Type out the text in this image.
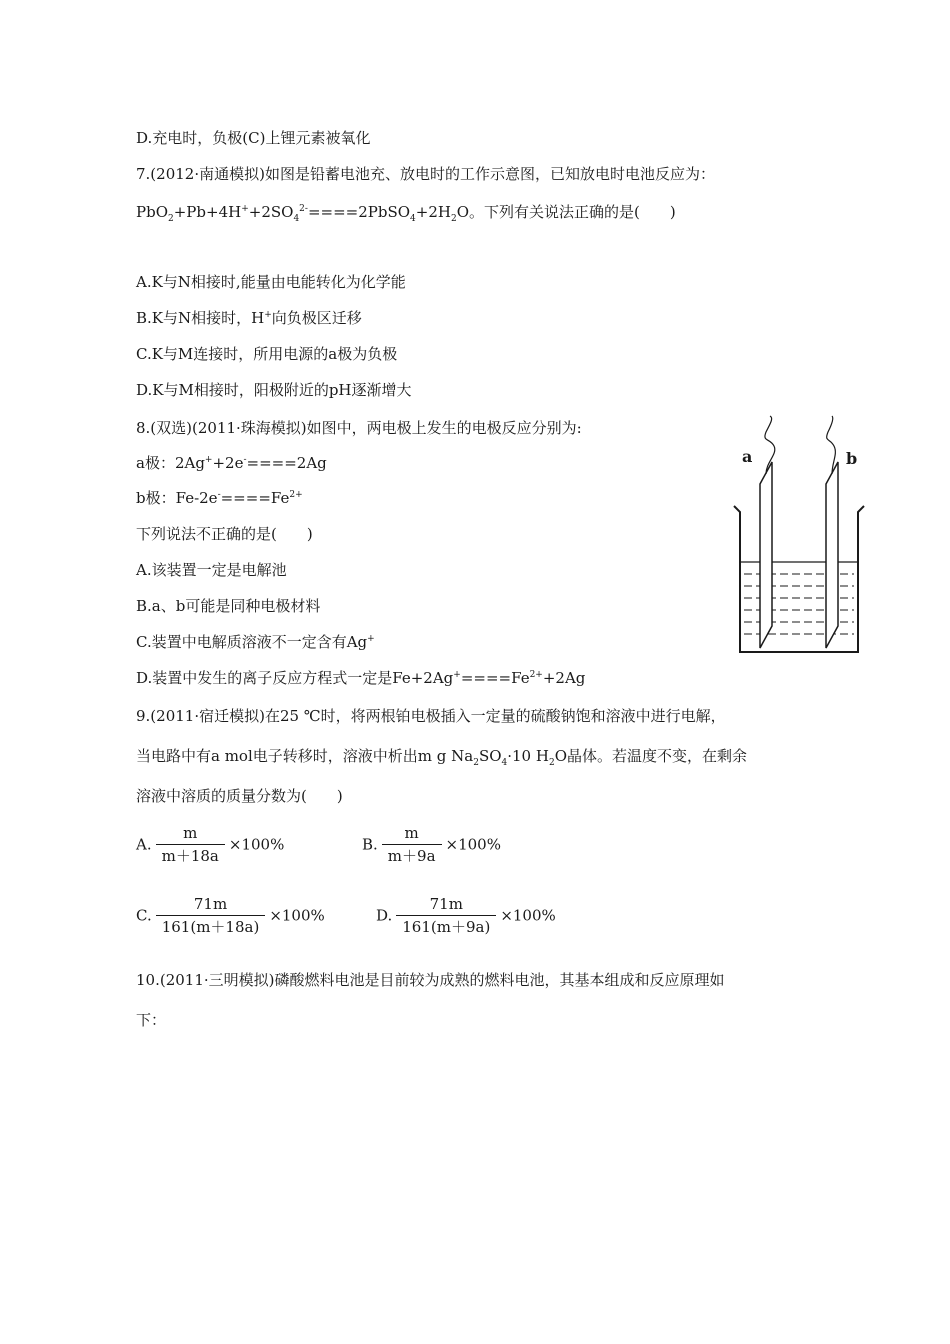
D.充电时，负极(C)上锂元素被氧化
7.(2012·南通模拟)如图是铅蓄电池充、放电时的工作示意图，已知放电时电池反应为：
$PbO_2+Pb+4H^++2SO_4^{2-}====2PbSO_4+2H_2O$。下列有关说法正确的是(　　)
A.K与N相接时,能量由电能转化为化学能
B.K与N相接时，H+向负极区迁移
C.K与M连接时，所用电源的a极为负极
D.K与M相接时，阳极附近的pH逐渐增大
8.(双选)(2011·珠海模拟)如图中，两电极上发生的电极反应分别为:
a极：2Ag++2e-====2Ag
b极：$Fe-2e^-====Fe^{2+}$
下列说法不正确的是(　　)
A.该装置一定是电解池
B.a、b可能是同种电极材料
C.装置中电解质溶液不一定含有Ag+
D.装置中发生的离子反应方程式一定是$Fe+2Ag^+====Fe^{2+}+2Ag$
a	b
9.(2011·宿迁模拟)在25 ℃时，将两根铂电极插入一定量的硫酸钠饱和溶液中进行电解，
当电路中有a mol电子转移时，溶液中析出m g $Na_2SO_4\cdot 10$ $H_2O$晶体。若温度不变，在剩余
溶液中溶质的质量分数为(　　)
A. $\frac{m}{m+18a} \times 100\%$	B. $\frac{m}{m+9a} \times 100\%$
C. $\frac{71m}{161(m+18a)} \times 100\%$	D. $\frac{71m}{161(m+9a)} \times 100\%$
10.(2011·三明模拟)磷酸燃料电池是目前较为成熟的燃料电池，其基本组成和反应原理如
下：
